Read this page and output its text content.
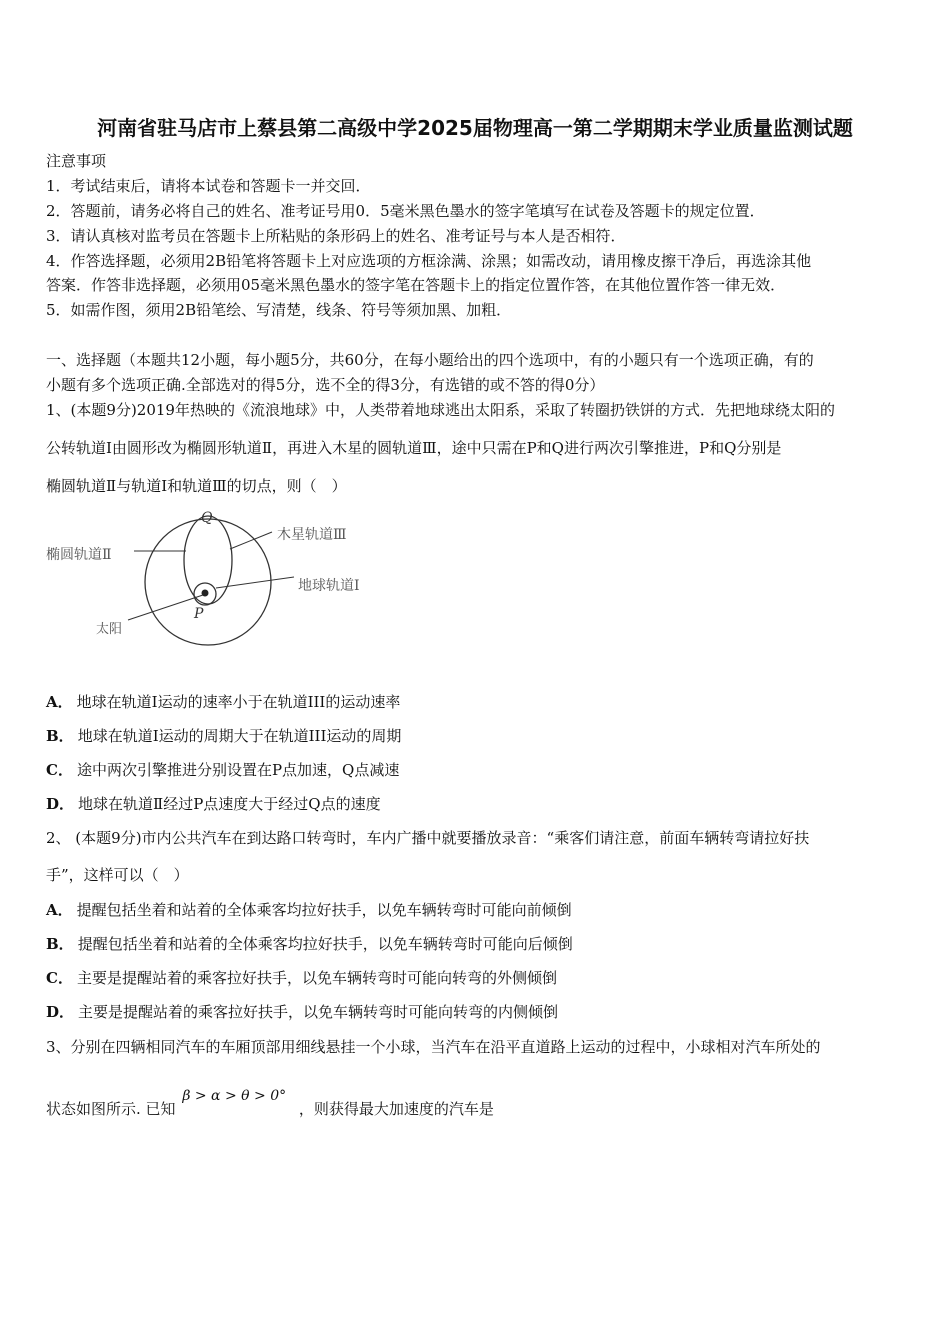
河南省驻马店市上蔡县第二高级中学2025届物理高一第二学期期末学业质量监测试题
注意事项
1．考试结束后，请将本试卷和答题卡一并交回．
2．答题前，请务必将自己的姓名、准考证号用0．5毫米黑色墨水的签字笔填写在试卷及答题卡的规定位置．
3．请认真核对监考员在答题卡上所粘贴的条形码上的姓名、准考证号与本人是否相符．
4．作答选择题，必须用2B铅笔将答题卡上对应选项的方框涂满、涂黑；如需改动，请用橡皮擦干净后，再选涂其他
答案．作答非选择题，必须用05毫米黑色墨水的签字笔在答题卡上的指定位置作答，在其他位置作答一律无效．
5．如需作图，须用2B铅笔绘、写清楚，线条、符号等须加黑、加粗．
一、选择题（本题共12小题，每小题5分，共60分，在每小题给出的四个选项中，有的小题只有一个选项正确，有的
小题有多个选项正确.全部选对的得5分，选不全的得3分，有选错的或不答的得0分）
1、(本题9分)2019年热映的《流浪地球》中，人类带着地球逃出太阳系，采取了转圈扔铁饼的方式．先把地球绕太阳的
公转轨道Ⅰ由圆形改为椭圆形轨道Ⅱ，再进入木星的圆轨道Ⅲ，途中只需在P和Q进行两次引擎推进，P和Q分别是
椭圆轨道Ⅱ与轨道Ⅰ和轨道Ⅲ的切点，则（　）
Q
P
木星轨道Ⅲ
椭圆轨道Ⅱ
地球轨道Ⅰ
太阳
A． 地球在轨道Ⅰ运动的速率小于在轨道III的运动速率
B． 地球在轨道Ⅰ运动的周期大于在轨道III运动的周期
C． 途中两次引擎推进分别设置在P点加速，Q点减速
D． 地球在轨道Ⅱ经过P点速度大于经过Q点的速度
2、 (本题9分)市内公共汽车在到达路口转弯时，车内广播中就要播放录音：“乘客们请注意，前面车辆转弯请拉好扶
手”，这样可以（　）
A． 提醒包括坐着和站着的全体乘客均拉好扶手，以免车辆转弯时可能向前倾倒
B． 提醒包括坐着和站着的全体乘客均拉好扶手，以免车辆转弯时可能向后倾倒
C． 主要是提醒站着的乘客拉好扶手，以免车辆转弯时可能向转弯的外侧倾倒
D． 主要是提醒站着的乘客拉好扶手，以免车辆转弯时可能向转弯的内侧倾倒
3、分别在四辆相同汽车的车厢顶部用细线悬挂一个小球，当汽车在沿平直道路上运动的过程中，小球相对汽车所处的
状态如图所示. 已知 β > α > θ > 0° ，则获得最大加速度的汽车是
